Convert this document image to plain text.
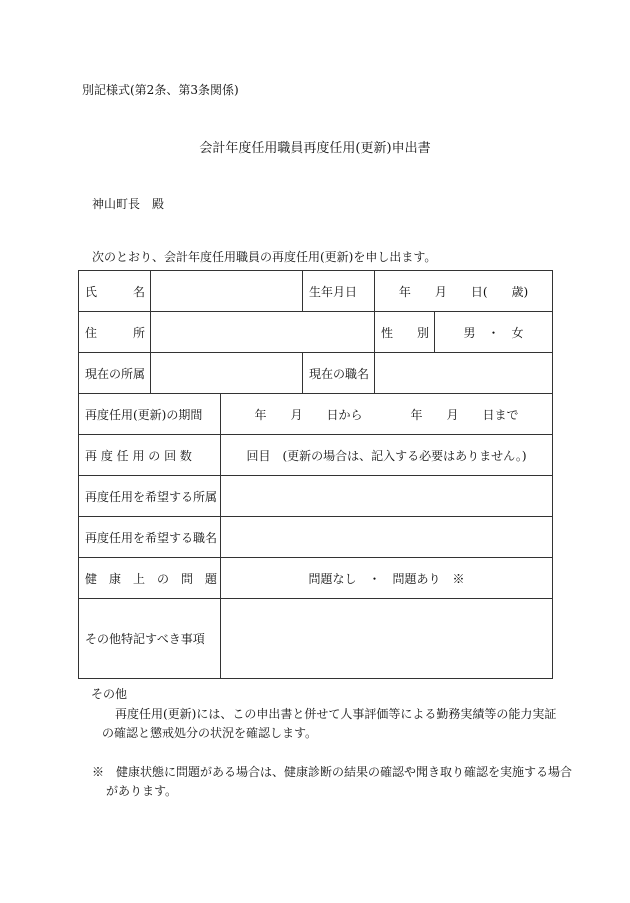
別記様式(第2条、第3条関係)
会計年度任用職員再度任用(更新)申出書
神山町長　殿
次のとおり、会計年度任用職員の再度任用(更新)を申し出ます。
氏　　　名			生年月日	年　　月　　日(　　歳)	
住　　　所				性　　別	男　・　女
現在の所属			現在の職名		
再度任用(更新)の期間		年　　月　　日から　　　　年　　月　　日まで			
再 度 任 用 の 回 数		回目　(更新の場合は、記入する必要はありません。)			
再度任用を希望する所属					
再度任用を希望する職名					
健　康　上　の　問　題		問題なし　・　問題あり　※			
その他特記すべき事項					
その他
再度任用(更新)には、この申出書と併せて人事評価等による勤務実績等の能力実証の確認と懲戒処分の状況を確認します。
※　健康状態に問題がある場合は、健康診断の結果の確認や聞き取り確認を実施する場合があります。
